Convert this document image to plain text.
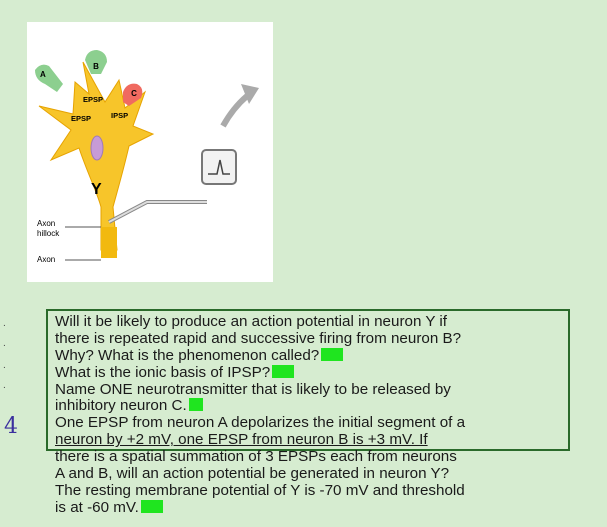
B
A
C
EPSP
EPSP	IPSP
Y
Axon
hillock
Axon
Will it be likely to produce an action potential in neuron Y if
there is repeated rapid and successive firing from neuron B?
Why? What is the phenomenon called?
What is the ionic basis of IPSP?
Name ONE neurotransmitter that is likely to be released by
inhibitory neuron C.
One EPSP from neuron A depolarizes the initial segment of a
neuron by +2 mV, one EPSP from neuron B is +3 mV. If
there is a spatial summation of 3 EPSPs each from neurons
A and B, will an action potential be generated in neuron Y?
The resting membrane potential of Y is -70 mV and threshold
is at -60 mV.
.
.
.
.
4
